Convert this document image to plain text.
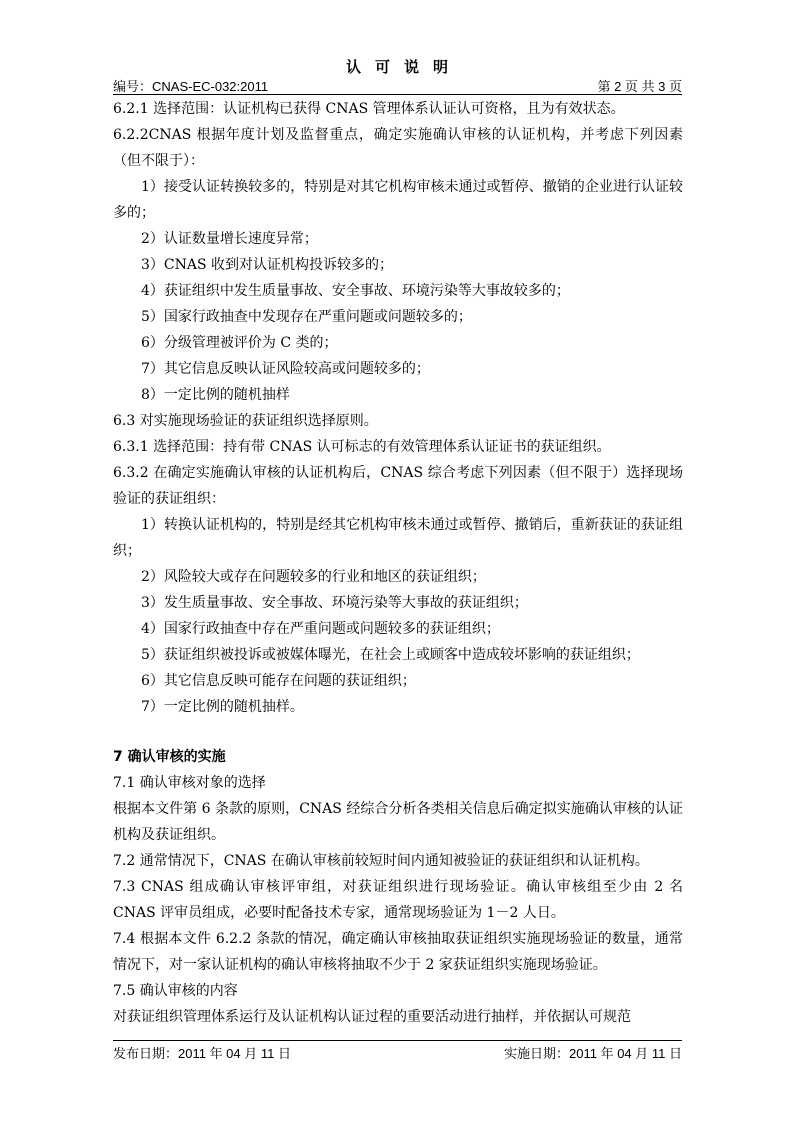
认可说明
编号：CNAS-EC-032:2011	第 2 页 共 3 页

6.2.1 选择范围：认证机构已获得 CNAS 管理体系认证认可资格，且为有效状态。

6.2.2CNAS 根据年度计划及监督重点，确定实施确认审核的认证机构，并考虑下列因素（但不限于）：

1）接受认证转换较多的，特别是对其它机构审核未通过或暂停、撤销的企业进行认证较多的；

2）认证数量增长速度异常；

3）CNAS 收到对认证机构投诉较多的；

4）获证组织中发生质量事故、安全事故、环境污染等大事故较多的；

5）国家行政抽查中发现存在严重问题或问题较多的；

6）分级管理被评价为 C 类的；

7）其它信息反映认证风险较高或问题较多的；

8）一定比例的随机抽样

6.3 对实施现场验证的获证组织选择原则。

6.3.1 选择范围：持有带 CNAS 认可标志的有效管理体系认证证书的获证组织。

6.3.2 在确定实施确认审核的认证机构后，CNAS 综合考虑下列因素（但不限于）选择现场验证的获证组织：

1）转换认证机构的，特别是经其它机构审核未通过或暂停、撤销后，重新获证的获证组织；

2）风险较大或存在问题较多的行业和地区的获证组织；

3）发生质量事故、安全事故、环境污染等大事故的获证组织；

4）国家行政抽查中存在严重问题或问题较多的获证组织；

5）获证组织被投诉或被媒体曝光，在社会上或顾客中造成较坏影响的获证组织；

6）其它信息反映可能存在问题的获证组织；

7）一定比例的随机抽样。

7 确认审核的实施

7.1 确认审核对象的选择

根据本文件第 6 条款的原则，CNAS 经综合分析各类相关信息后确定拟实施确认审核的认证机构及获证组织。

7.2 通常情况下，CNAS 在确认审核前较短时间内通知被验证的获证组织和认证机构。

7.3 CNAS 组成确认审核评审组，对获证组织进行现场验证。确认审核组至少由 2 名 CNAS 评审员组成，必要时配备技术专家，通常现场验证为 1－2 人日。

7.4 根据本文件 6.2.2 条款的情况，确定确认审核抽取获证组织实施现场验证的数量，通常情况下，对一家认证机构的确认审核将抽取不少于 2 家获证组织实施现场验证。

7.5 确认审核的内容

对获证组织管理体系运行及认证机构认证过程的重要活动进行抽样，并依据认可规范

发布日期：2011 年 04 月 11 日	实施日期：2011 年 04 月 11 日
